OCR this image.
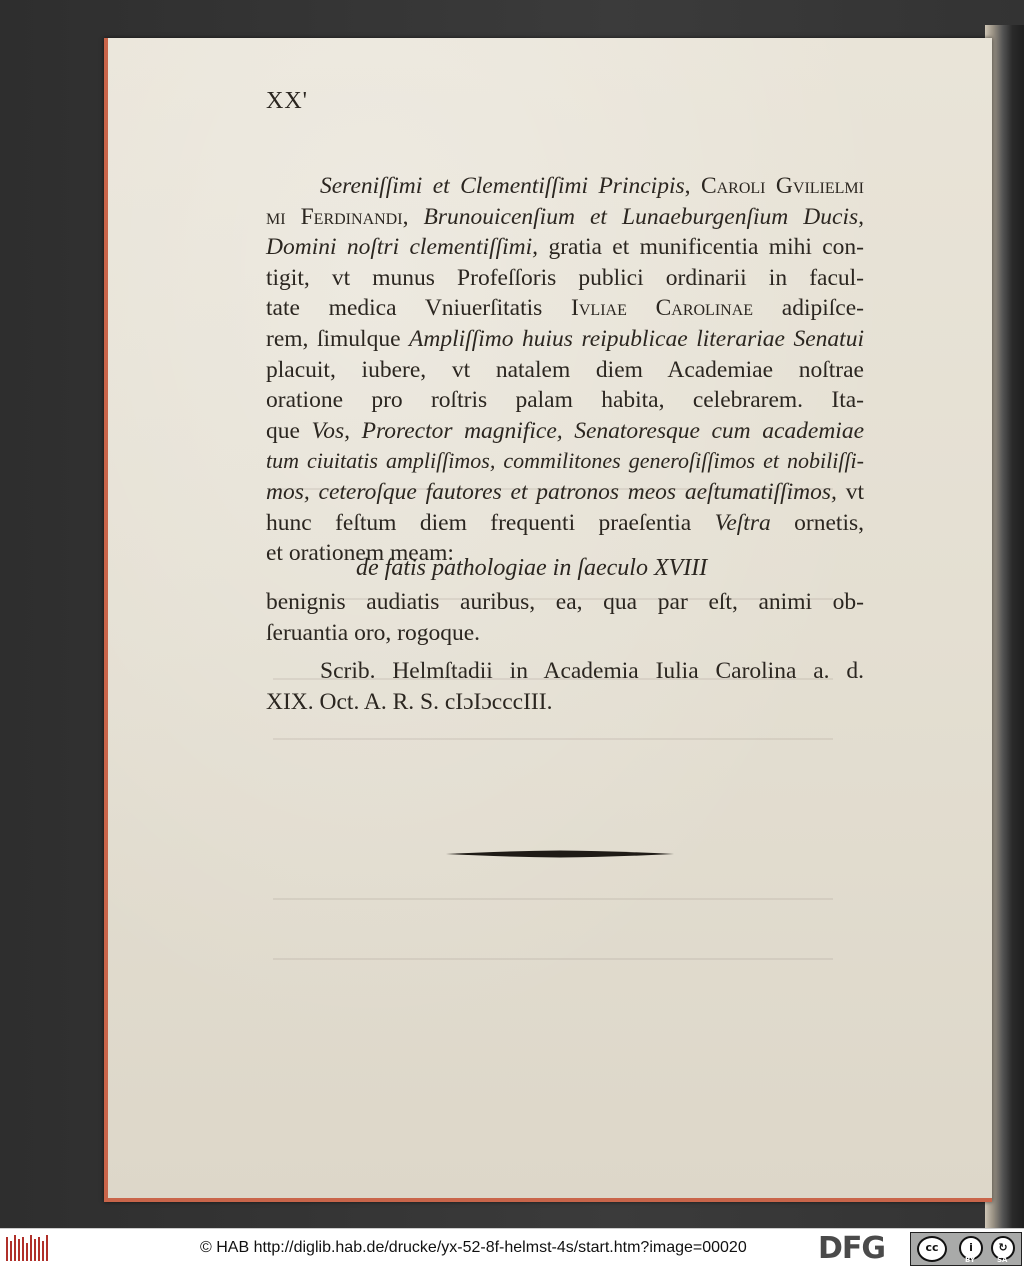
XX'
Sereniſſimi et Clementiſſimi Principis, Caroli Gvilielmi
mi Ferdinandi, Brunouicenſium et Lunaeburgenſium Ducis,
Domini noſtri clementiſſimi, gratia et munificentia mihi con-
tigit, vt munus Profeſſoris publici ordinarii in facul-
tate medica Vniuerſitatis Ivliae Carolinae adipiſce-
rem, ſimulque Ampliſſimo huius reipublicae literariae Senatui
placuit, iubere, vt natalem diem Academiae noſtrae
oratione pro roſtris palam habita, celebrarem. Ita-
que Vos, Prorector magnifice, Senatoresque cum academiae
tum ciuitatis ampliſſimos, commilitones generoſiſſimos et nobiliſſi-
mos, ceteroſque fautores et patronos meos aeſtumatiſſimos, vt
hunc feſtum diem frequenti praeſentia Veſtra ornetis,
et orationem meam:
de fatis pathologiae in ſaeculo XVIII
benignis audiatis auribus, ea, qua par eſt, animi ob-
ſeruantia oro, rogoque.
Scrib. Helmſtadii in Academia Iulia Carolina a. d.
XIX. Oct. A. R. S. cIɔIɔcccIII.
© HAB http://diglib.hab.de/drucke/yx-52-8f-helmst-4s/start.htm?image=00020 DFG	cc	i	↻
BY	SA
